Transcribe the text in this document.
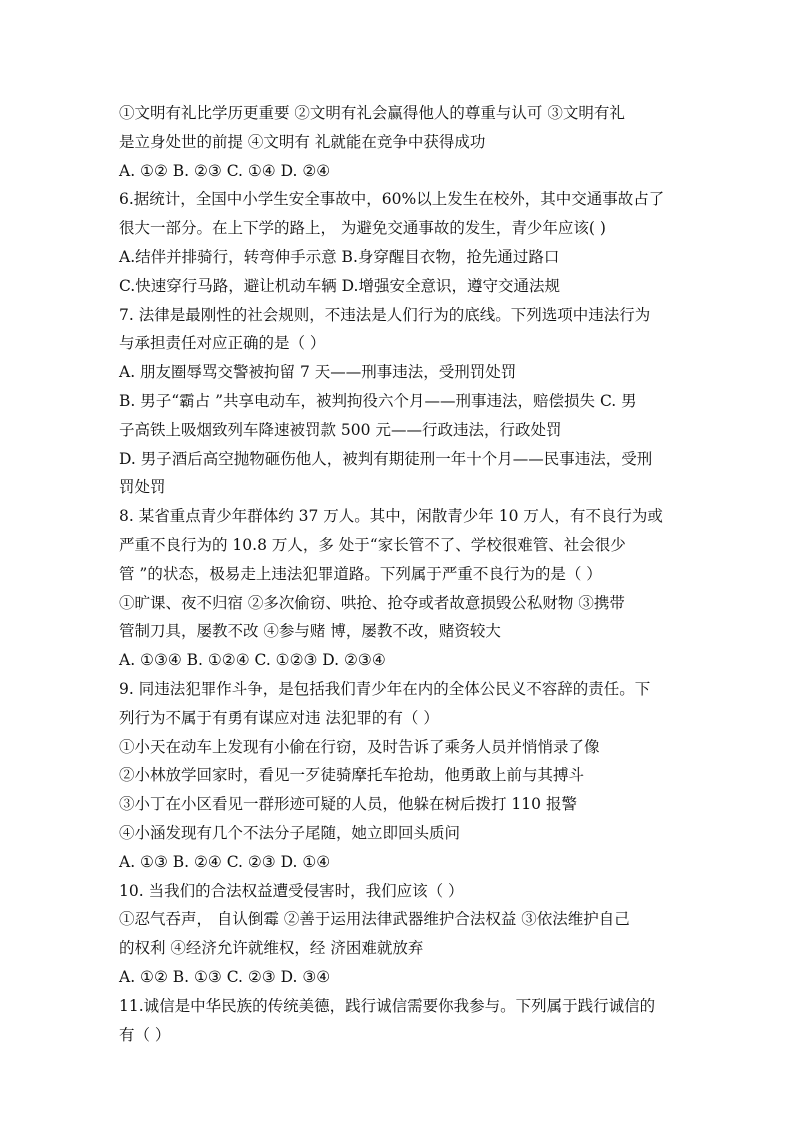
①文明有礼比学历更重要 ②文明有礼会赢得他人的尊重与认可 ③文明有礼
是立身处世的前提 ④文明有 礼就能在竞争中获得成功
A. ①② B. ②③ C. ①④ D. ②④
6.据统计，全国中小学生安全事故中，60%以上发生在校外，其中交通事故占了
很大一部分。在上下学的路上， 为避免交通事故的发生，青少年应该( )
A.结伴并排骑行，转弯伸手示意 B.身穿醒目衣物，抢先通过路口
C.快速穿行马路，避让机动车辆 D.增强安全意识，遵守交通法规
7. 法律是最刚性的社会规则，不违法是人们行为的底线。下列选项中违法行为
与承担责任对应正确的是（ ）
A. 朋友圈辱骂交警被拘留 7 天——刑事违法，受刑罚处罚
B. 男子“霸占 ”共享电动车，被判拘役六个月——刑事违法，赔偿损失 C. 男
子高铁上吸烟致列车降速被罚款 500 元——行政违法，行政处罚
D. 男子酒后高空抛物砸伤他人，被判有期徒刑一年十个月——民事违法，受刑
罚处罚
8. 某省重点青少年群体约 37 万人。其中，闲散青少年 10 万人，有不良行为或
严重不良行为的 10.8 万人，多 处于“家长管不了、学校很难管、社会很少
管 ”的状态，极易走上违法犯罪道路。下列属于严重不良行为的是（ ）
①旷课、夜不归宿 ②多次偷窃、哄抢、抢夺或者故意损毁公私财物 ③携带
管制刀具，屡教不改 ④参与赌 博，屡教不改，赌资较大
A. ①③④ B. ①②④ C. ①②③ D. ②③④
9. 同违法犯罪作斗争，是包括我们青少年在内的全体公民义不容辞的责任。下
列行为不属于有勇有谋应对违 法犯罪的有（ ）
①小天在动车上发现有小偷在行窃，及时告诉了乘务人员并悄悄录了像
②小林放学回家时，看见一歹徒骑摩托车抢劫，他勇敢上前与其搏斗
③小丁在小区看见一群形迹可疑的人员，他躲在树后拨打 110 报警
④小涵发现有几个不法分子尾随，她立即回头质问
A. ①③ B. ②④ C. ②③ D. ①④
10. 当我们的合法权益遭受侵害时，我们应该（ ）
①忍气吞声， 自认倒霉 ②善于运用法律武器维护合法权益 ③依法维护自己
的权利 ④经济允许就维权，经 济困难就放弃
A. ①② B. ①③ C. ②③ D. ③④
11.诚信是中华民族的传统美德，践行诚信需要你我参与。下列属于践行诚信的
有（ ）
